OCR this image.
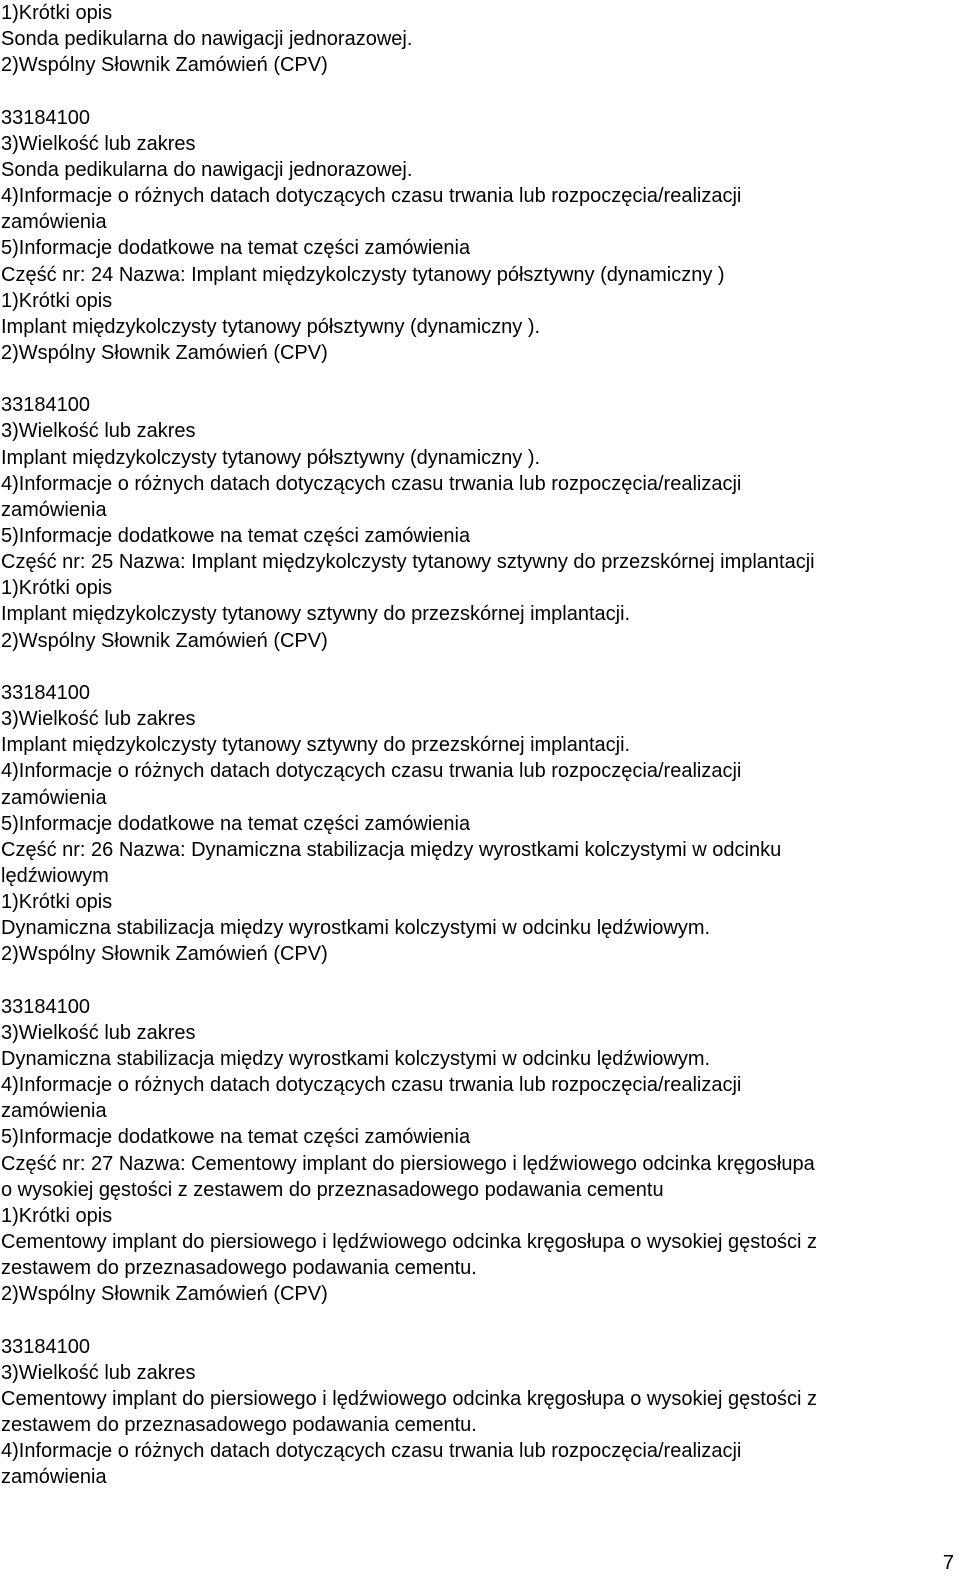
1)Krótki opis
Sonda pedikularna do nawigacji jednorazowej.
2)Wspólny Słownik Zamówień (CPV)
33184100
3)Wielkość lub zakres
Sonda pedikularna do nawigacji jednorazowej.
4)Informacje o różnych datach dotyczących czasu trwania lub rozpoczęcia/realizacji
zamówienia
5)Informacje dodatkowe na temat części zamówienia
Część nr: 24 Nazwa: Implant międzykolczysty tytanowy półsztywny (dynamiczny )
1)Krótki opis
Implant międzykolczysty tytanowy półsztywny (dynamiczny ).
2)Wspólny Słownik Zamówień (CPV)
33184100
3)Wielkość lub zakres
Implant międzykolczysty tytanowy półsztywny (dynamiczny ).
4)Informacje o różnych datach dotyczących czasu trwania lub rozpoczęcia/realizacji
zamówienia
5)Informacje dodatkowe na temat części zamówienia
Część nr: 25 Nazwa: Implant międzykolczysty tytanowy sztywny do przezskórnej implantacji
1)Krótki opis
Implant międzykolczysty tytanowy sztywny do przezskórnej implantacji.
2)Wspólny Słownik Zamówień (CPV)
33184100
3)Wielkość lub zakres
Implant międzykolczysty tytanowy sztywny do przezskórnej implantacji.
4)Informacje o różnych datach dotyczących czasu trwania lub rozpoczęcia/realizacji
zamówienia
5)Informacje dodatkowe na temat części zamówienia
Część nr: 26 Nazwa: Dynamiczna stabilizacja między wyrostkami kolczystymi w odcinku
lędźwiowym
1)Krótki opis
Dynamiczna stabilizacja między wyrostkami kolczystymi w odcinku lędźwiowym.
2)Wspólny Słownik Zamówień (CPV)
33184100
3)Wielkość lub zakres
Dynamiczna stabilizacja między wyrostkami kolczystymi w odcinku lędźwiowym.
4)Informacje o różnych datach dotyczących czasu trwania lub rozpoczęcia/realizacji
zamówienia
5)Informacje dodatkowe na temat części zamówienia
Część nr: 27 Nazwa: Cementowy implant do piersiowego i lędźwiowego odcinka kręgosłupa
o wysokiej gęstości z zestawem do przeznasadowego podawania cementu
1)Krótki opis
Cementowy implant do piersiowego i lędźwiowego odcinka kręgosłupa o wysokiej gęstości z
zestawem do przeznasadowego podawania cementu.
2)Wspólny Słownik Zamówień (CPV)
33184100
3)Wielkość lub zakres
Cementowy implant do piersiowego i lędźwiowego odcinka kręgosłupa o wysokiej gęstości z
zestawem do przeznasadowego podawania cementu.
4)Informacje o różnych datach dotyczących czasu trwania lub rozpoczęcia/realizacji
zamówienia
7
